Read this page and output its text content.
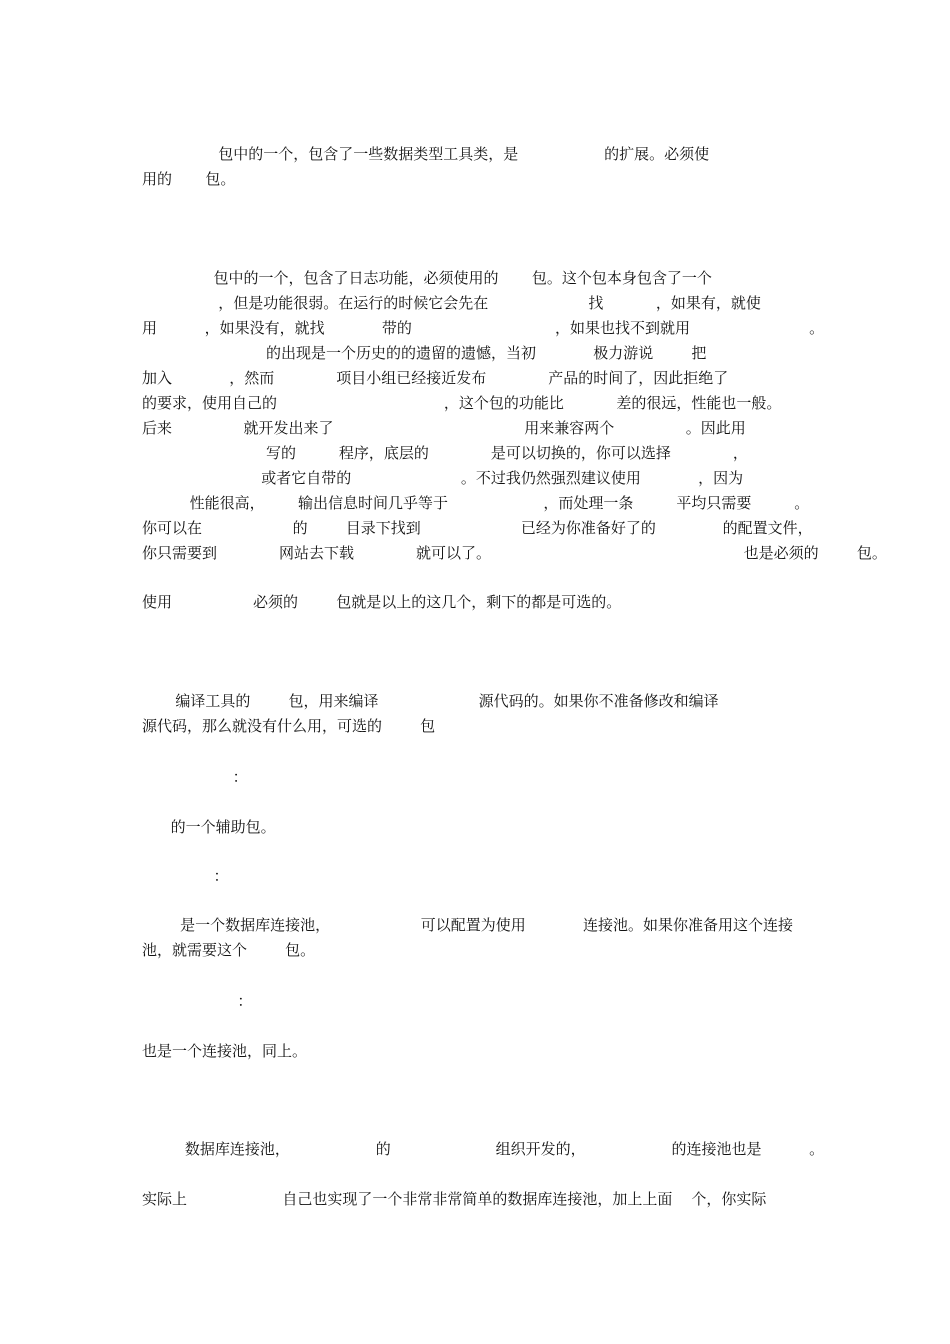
包中的一个，包含了一些数据类型工具类，是                  的扩展。必须使
用的       包。
包中的一个，包含了日志功能，必须使用的       包。这个包本身包含了一个
，但是功能很弱。在运行的时候它会先在                     找           ，如果有，就使
用          ，如果没有，就找            带的                              ，如果也找不到就用                         。
的出现是一个历史的的遗留的遗憾，当初            极力游说        把
加入            ，然而             项目小组已经接近发布             产品的时间了，因此拒绝了
的要求，使用自己的                                   ，这个包的功能比           差的很远，性能也一般。
后来               就开发出来了                                        用来兼容两个               。因此用
写的         程序，底层的             是可以切换的，你可以选择             ，
或者它自带的                       。不过我仍然强烈建议使用            ，因为
性能很高，       输出信息时间几乎等于                    ，而处理一条         平均只需要         。
你可以在                   的        目录下找到                     已经为你准备好了的              的配置文件，
你只需要到             网站去下载             就可以了。                                                     也是必须的        包。
使用                 必须的        包就是以上的这几个，剩下的都是可选的。
编译工具的        包，用来编译                     源代码的。如果你不准备修改和编译
源代码，那么就没有什么用，可选的        包
：
的一个辅助包。
：
是一个数据库连接池，                   可以配置为使用            连接池。如果你准备用这个连接
池，就需要这个        包。
：
也是一个连接池，同上。
数据库连接池，                  的                      组织开发的，                  的连接池也是          。
实际上                    自己也实现了一个非常非常简单的数据库连接池，加上上面    个，你实际
